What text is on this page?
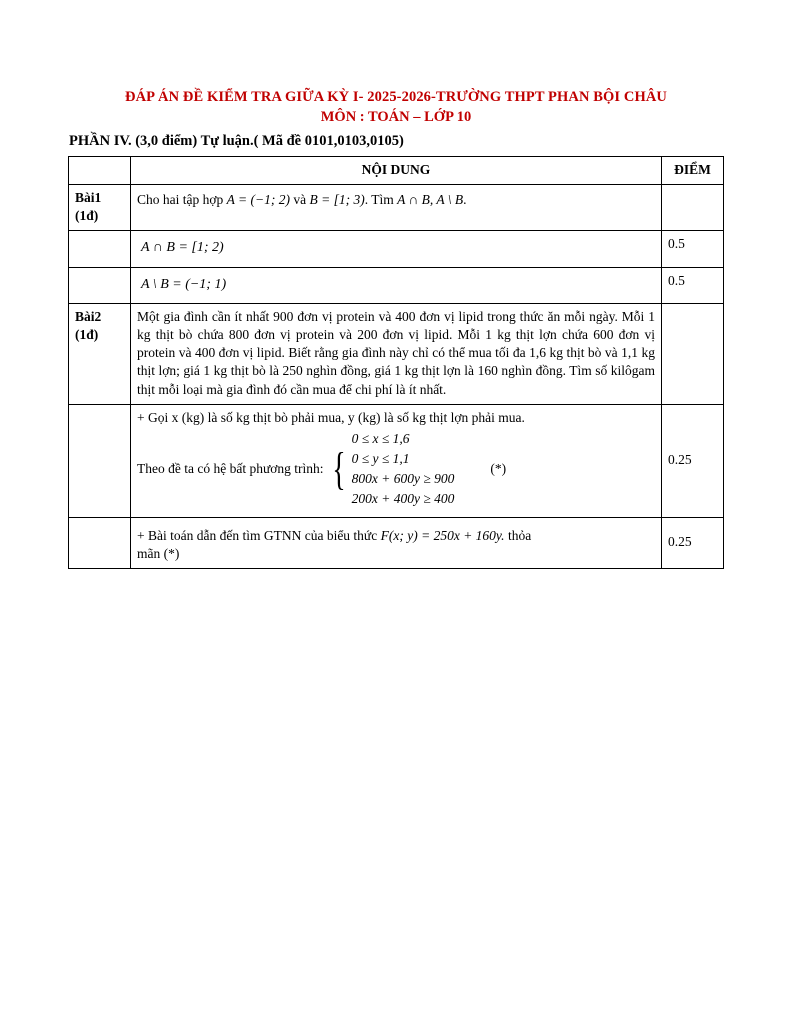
ĐÁP ÁN ĐỀ KIỂM TRA GIỮA KỲ I- 2025-2026-TRƯỜNG THPT PHAN BỘI CHÂU
MÔN : TOÁN – LỚP 10
PHẦN IV. (3,0 điểm) Tự luận.( Mã đề 0101,0103,0105)
	NỘI DUNG	ĐIỂM

Bài1
(1đ)	Cho hai tập hợp A = (−1; 2) và B = [1; 3). Tìm A ∩ B, A \ B.	

	A ∩ B = [1; 2)	0.5

	A \ B = (−1; 1)	0.5

Bài2
(1đ)	Một gia đình cần ít nhất 900 đơn vị protein và 400 đơn vị lipid trong thức ăn mỗi ngày. Mỗi 1 kg thịt bò chứa 800 đơn vị protein và 200 đơn vị lipid. Mỗi 1 kg thịt lợn chứa 600 đơn vị protein và 400 đơn vị lipid. Biết rằng gia đình này chỉ có thể mua tối đa 1,6 kg thịt bò và 1,1 kg thịt lợn; giá 1 kg thịt bò là 250 nghìn đồng, giá 1 kg thịt lợn là 160 nghìn đồng. Tìm số kilôgam thịt mỗi loại mà gia đình đó cần mua để chi phí là ít nhất.	

+ Gọi x (kg) là số kg thịt bò phải mua, y (kg) là số kg thịt lợn phải mua.
Theo đề ta có hệ bất phương trình: {
0 ≤ x ≤ 1,6
0 ≤ y ≤ 1,1
800x + 600y ≥ 900
200x + 400y ≥ 400
(*)
	0.25

	+ Bài toán dẫn đến tìm GTNN của biểu thức F(x; y) = 250x + 160y. thỏa
mãn (*)	0.25
